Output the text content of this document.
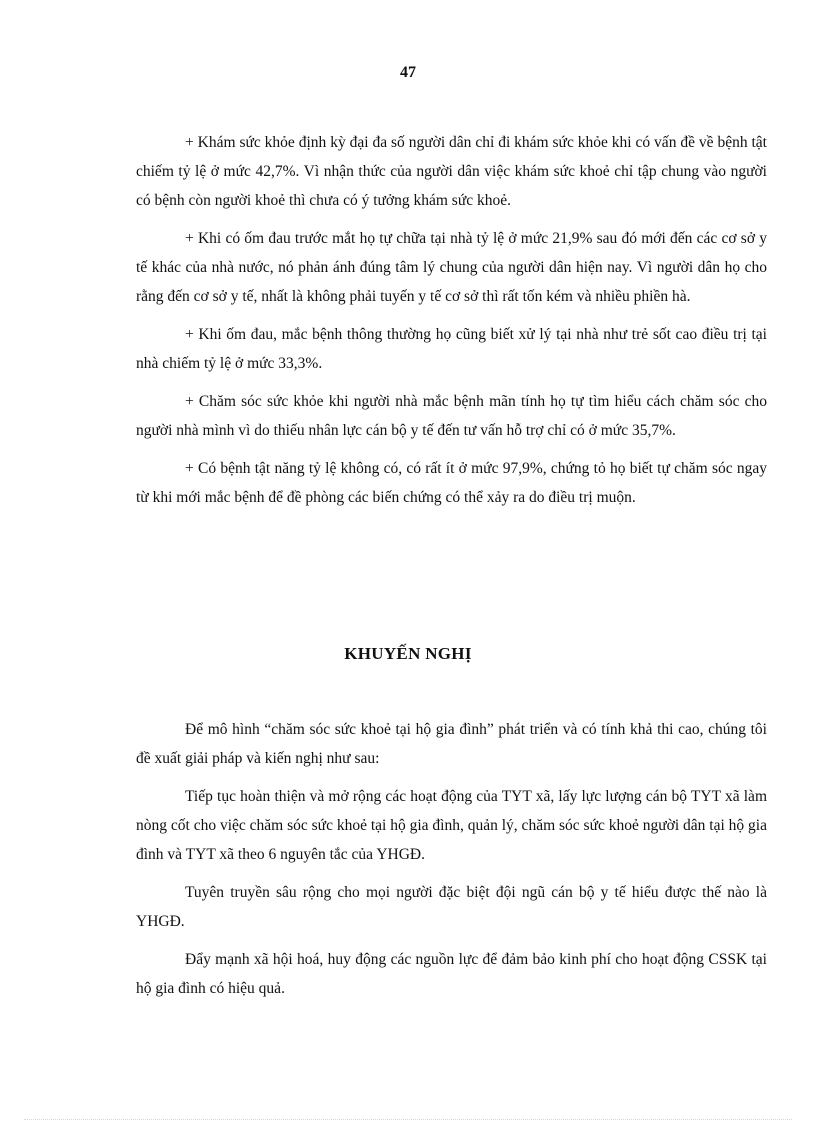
47

+ Khám sức khỏe định kỳ đại đa số người dân chỉ đi khám sức khỏe khi có vấn đề về bệnh tật chiếm tỷ lệ ở mức 42,7%. Vì nhận thức của người dân việc khám sức khoẻ chỉ tập chung vào người có bệnh còn người khoẻ thì chưa có ý tưởng khám sức khoẻ.

+ Khi có ốm đau trước mắt họ tự chữa tại nhà tỷ lệ ở mức 21,9% sau đó mới đến các cơ sở y tế khác của nhà nước, nó phản ánh đúng tâm lý chung của người dân hiện nay. Vì người dân họ cho rằng đến cơ sở y tế, nhất là không phải tuyến y tế cơ sở thì rất tốn kém và nhiều phiền hà.

+ Khi ốm đau, mắc bệnh thông thường họ cũng biết xử lý tại nhà như trẻ sốt cao điều trị tại nhà chiếm tỷ lệ ở mức 33,3%.

+ Chăm sóc sức khỏe khi người nhà mắc bệnh mãn tính họ tự tìm hiểu cách chăm sóc cho người nhà mình vì do thiếu nhân lực cán bộ y tế đến tư vấn hỗ trợ chỉ có ở mức 35,7%.

+ Có bệnh tật năng tỷ lệ không có, có rất ít ở mức 97,9%, chứng tỏ họ biết tự chăm sóc ngay từ khi mới mắc bệnh để đề phòng các biến chứng có thể xảy ra do điều trị muộn.

KHUYẾN NGHỊ

Để mô hình “chăm sóc sức khoẻ tại hộ gia đình” phát triển và có tính khả thi cao, chúng tôi đề xuất giải pháp và kiến nghị như sau:

Tiếp tục hoàn thiện và mở rộng các hoạt động của TYT xã, lấy lực lượng cán bộ TYT xã làm nòng cốt cho việc chăm sóc sức khoẻ tại hộ gia đình, quản lý, chăm sóc sức khoẻ người dân tại hộ gia đình và TYT xã theo 6 nguyên tắc của YHGĐ.

Tuyên truyền sâu rộng cho mọi người đặc biệt đội ngũ cán bộ y tế hiểu được thế nào là YHGĐ.

Đẩy mạnh xã hội hoá, huy động các nguồn lực để đảm bảo kinh phí cho hoạt động CSSK tại hộ gia đình có hiệu quả.
